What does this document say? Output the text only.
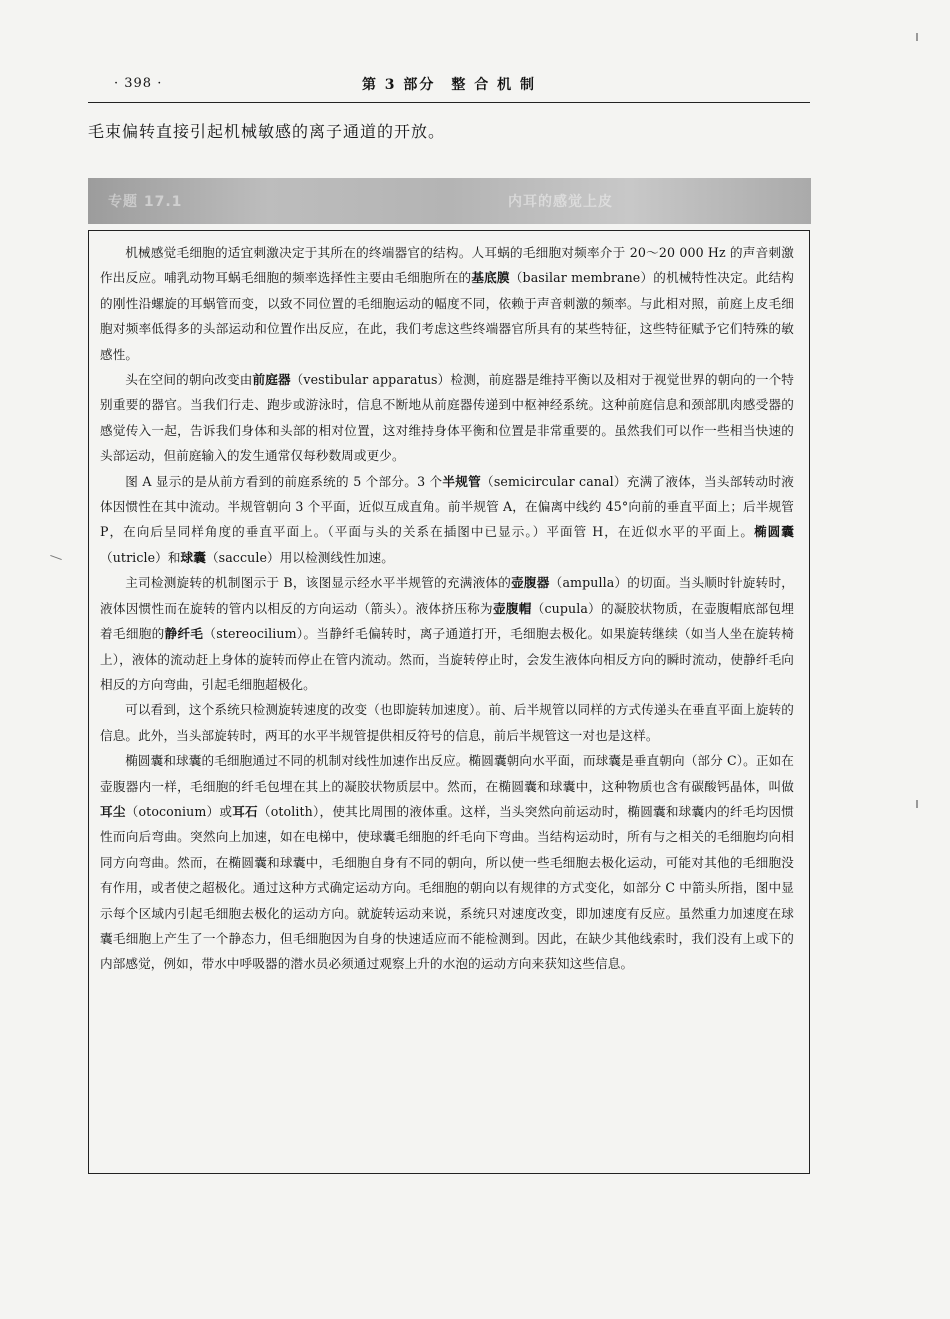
· 398 ·	第 3 部分　整 合 机 制
毛束偏转直接引起机械敏感的离子通道的开放。
专题 17.1	内耳的感觉上皮

机械感觉毛细胞的适宜刺激决定于其所在的终端器官的结构。人耳蜗的毛细胞对频率介于 20～20 000 Hz 的声音刺激作出反应。哺乳动物耳蜗毛细胞的频率选择性主要由毛细胞所在的基底膜（basilar membrane）的机械特性决定。此结构的刚性沿螺旋的耳蜗管而变，以致不同位置的毛细胞运动的幅度不同，依赖于声音刺激的频率。与此相对照，前庭上皮毛细胞对频率低得多的头部运动和位置作出反应，在此，我们考虑这些终端器官所具有的某些特征，这些特征赋予它们特殊的敏感性。

头在空间的朝向改变由前庭器（vestibular apparatus）检测，前庭器是维持平衡以及相对于视觉世界的朝向的一个特别重要的器官。当我们行走、跑步或游泳时，信息不断地从前庭器传递到中枢神经系统。这种前庭信息和颈部肌肉感受器的感觉传入一起，告诉我们身体和头部的相对位置，这对维持身体平衡和位置是非常重要的。虽然我们可以作一些相当快速的头部运动，但前庭输入的发生通常仅每秒数周或更少。

图 A 显示的是从前方看到的前庭系统的 5 个部分。3 个半规管（semicircular canal）充满了液体，当头部转动时液体因惯性在其中流动。半规管朝向 3 个平面，近似互成直角。前半规管 A，在偏离中线约 45°向前的垂直平面上；后半规管 P，在向后呈同样角度的垂直平面上。（平面与头的关系在插图中已显示。）平面管 H，在近似水平的平面上。椭圆囊（utricle）和球囊（saccule）用以检测线性加速。

主司检测旋转的机制图示于 B，该图显示经水平半规管的充满液体的壶腹器（ampulla）的切面。当头顺时针旋转时，液体因惯性而在旋转的管内以相反的方向运动（箭头）。液体挤压称为壶腹帽（cupula）的凝胶状物质，在壶腹帽底部包埋着毛细胞的静纤毛（stereocilium）。当静纤毛偏转时，离子通道打开，毛细胞去极化。如果旋转继续（如当人坐在旋转椅上），液体的流动赶上身体的旋转而停止在管内流动。然而，当旋转停止时，会发生液体向相反方向的瞬时流动，使静纤毛向相反的方向弯曲，引起毛细胞超极化。

可以看到，这个系统只检测旋转速度的改变（也即旋转加速度）。前、后半规管以同样的方式传递头在垂直平面上旋转的信息。此外，当头部旋转时，两耳的水平半规管提供相反符号的信息，前后半规管这一对也是这样。

椭圆囊和球囊的毛细胞通过不同的机制对线性加速作出反应。椭圆囊朝向水平面，而球囊是垂直朝向（部分 C）。正如在壶腹器内一样，毛细胞的纤毛包埋在其上的凝胶状物质层中。然而，在椭圆囊和球囊中，这种物质也含有碳酸钙晶体，叫做耳尘（otoconium）或耳石（otolith），使其比周围的液体重。这样，当头突然向前运动时，椭圆囊和球囊内的纤毛均因惯性而向后弯曲。突然向上加速，如在电梯中，使球囊毛细胞的纤毛向下弯曲。当结构运动时，所有与之相关的毛细胞均向相同方向弯曲。然而，在椭圆囊和球囊中，毛细胞自身有不同的朝向，所以使一些毛细胞去极化运动，可能对其他的毛细胞没有作用，或者使之超极化。通过这种方式确定运动方向。毛细胞的朝向以有规律的方式变化，如部分 C 中箭头所指，图中显示每个区域内引起毛细胞去极化的运动方向。就旋转运动来说，系统只对速度改变，即加速度有反应。虽然重力加速度在球囊毛细胞上产生了一个静态力，但毛细胞因为自身的快速适应而不能检测到。因此，在缺少其他线索时，我们没有上或下的内部感觉，例如，带水中呼吸器的潜水员必须通过观察上升的水泡的运动方向来获知这些信息。
